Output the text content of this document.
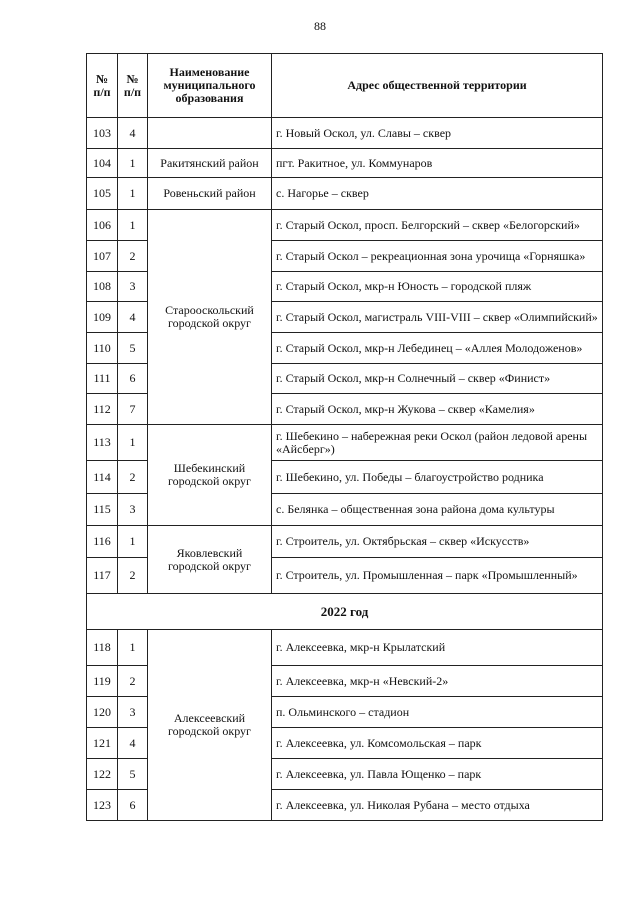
88
№ п/п	№ п/п	Наименование муниципального образования	Адрес общественной территории
103	4		г. Новый Оскол, ул. Славы – сквер
104	1	Ракитянский район	пгт. Ракитное, ул. Коммунаров
105	1	Ровеньский район	с. Нагорье – сквер
106	1	Старооскольский городской округ	г. Старый Оскол, просп. Белгорский – сквер «Белогорский»
107	2		г. Старый Оскол – рекреационная зона урочища «Горняшка»
108	3		г. Старый Оскол, мкр-н Юность – городской пляж
109	4		г. Старый Оскол, магистраль VIII-VIII – сквер «Олимпийский»
110	5		г. Старый Оскол, мкр-н Лебединец – «Аллея Молодоженов»
111	6		г. Старый Оскол, мкр-н Солнечный – сквер «Финист»
112	7		г. Старый Оскол, мкр-н Жукова – сквер «Камелия»
113	1	Шебекинский городской округ	г. Шебекино – набережная реки Оскол (район ледовой арены «Айсберг»)
114	2		г. Шебекино, ул. Победы – благоустройство родника
115	3		с. Белянка – общественная зона района дома культуры
116	1	Яковлевский городской округ	г. Строитель, ул. Октябрьская – сквер «Искусств»
117	2		г. Строитель, ул. Промышленная – парк «Промышленный»
2022 год			
118	1	Алексеевский городской округ	г. Алексеевка, мкр-н Крылатский
119	2		г. Алексеевка, мкр-н «Невский-2»
120	3		п. Ольминского – стадион
121	4		г. Алексеевка, ул. Комсомольская – парк
122	5		г. Алексеевка, ул. Павла Ющенко – парк
123	6		г. Алексеевка, ул. Николая Рубана – место отдыха
